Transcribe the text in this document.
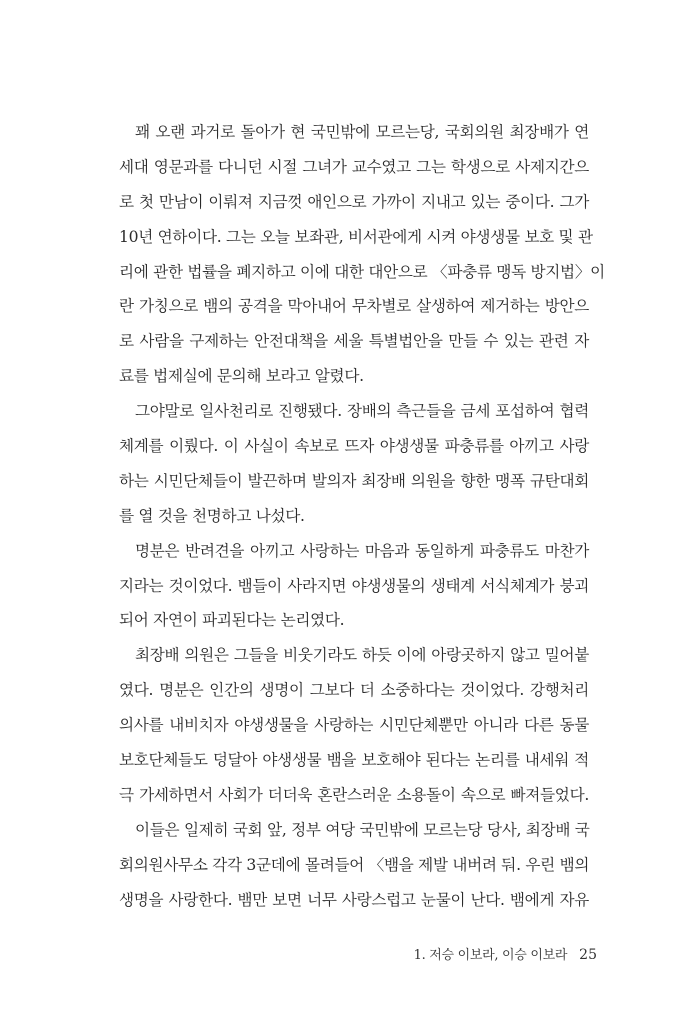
꽤 오랜 과거로 돌아가 현 국민밖에 모르는당, 국회의원 최장배가 연
세대 영문과를 다니던 시절 그녀가 교수였고 그는 학생으로 사제지간으
로 첫 만남이 이뤄져 지금껏 애인으로 가까이 지내고 있는 중이다. 그가
10년 연하이다. 그는 오늘 보좌관, 비서관에게 시켜 야생생물 보호 및 관
리에 관한 법률을 폐지하고 이에 대한 대안으로 〈파충류 맹독 방지법〉이
란 가칭으로 뱀의 공격을 막아내어 무차별로 살생하여 제거하는 방안으
로 사람을 구제하는 안전대책을 세울 특별법안을 만들 수 있는 관련 자
료를 법제실에 문의해 보라고 알렸다.
그야말로 일사천리로 진행됐다. 장배의 측근들을 금세 포섭하여 협력
체계를 이뤘다. 이 사실이 속보로 뜨자 야생생물 파충류를 아끼고 사랑
하는 시민단체들이 발끈하며 발의자 최장배 의원을 향한 맹폭 규탄대회
를 열 것을 천명하고 나섰다.
명분은 반려견을 아끼고 사랑하는 마음과 동일하게 파충류도 마찬가
지라는 것이었다. 뱀들이 사라지면 야생생물의 생태계 서식체계가 붕괴
되어 자연이 파괴된다는 논리였다.
최장배 의원은 그들을 비웃기라도 하듯 이에 아랑곳하지 않고 밀어붙
였다. 명분은 인간의 생명이 그보다 더 소중하다는 것이었다. 강행처리
의사를 내비치자 야생생물을 사랑하는 시민단체뿐만 아니라 다른 동물
보호단체들도 덩달아 야생생물 뱀을 보호해야 된다는 논리를 내세워 적
극 가세하면서 사회가 더더욱 혼란스러운 소용돌이 속으로 빠져들었다.
이들은 일제히 국회 앞, 정부 여당 국민밖에 모르는당 당사, 최장배 국
회의원사무소 각각 3군데에 몰려들어 〈뱀을 제발 내버려 둬. 우린 뱀의
생명을 사랑한다. 뱀만 보면 너무 사랑스럽고 눈물이 난다. 뱀에게 자유
1. 저승 이보라, 이승 이보라 25
